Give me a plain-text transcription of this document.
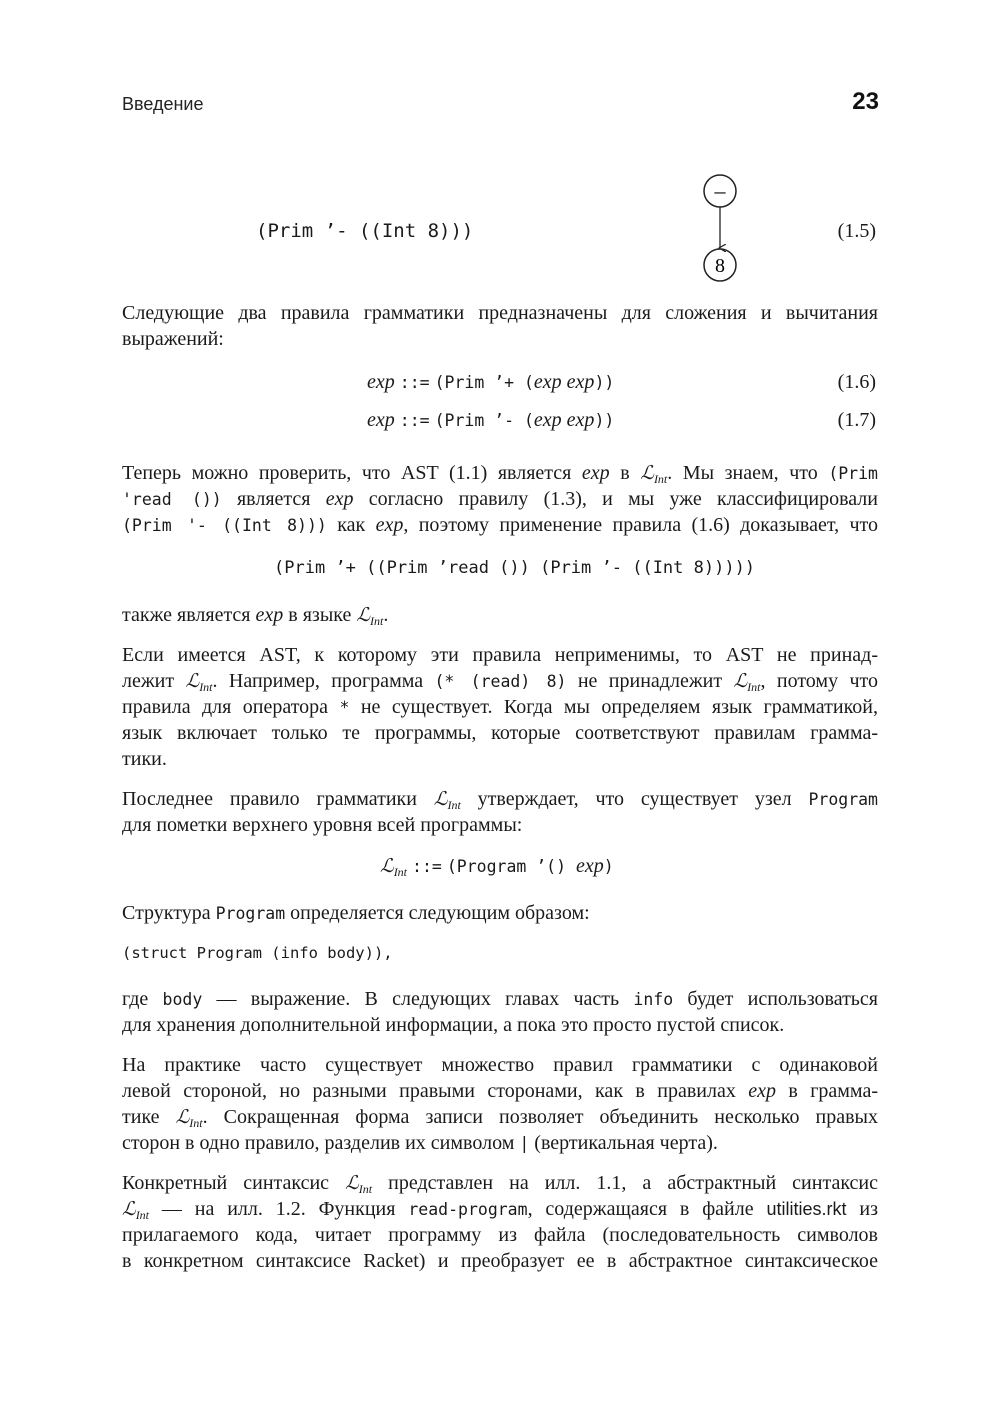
Введение	23
(Prim ’- ((Int 8)))
–
8
(1.5)
Следующие два правила грамматики предназначены для сложения и вычитания
выражений:
exp ::= (Prim ’+ (exp exp))	(1.6)
exp ::= (Prim ’- (exp exp))	(1.7)
Теперь можно проверить, что AST (1.1) является exp в ℒ$_{Int}$. Мы знаем, что (Prim
'read ()) является exp согласно правилу (1.3), и мы уже классифицировали
(Prim '- ((Int 8))) как exp, поэтому применение правила (1.6) доказывает, что
(Prim ’+ ((Prim ’read ()) (Prim ’- ((Int 8)))))
также является exp в языке ℒ$_{Int}$.
Если имеется AST, к которому эти правила неприменимы, то AST не принад-
лежит ℒ$_{Int}$. Например, программа (* (read) 8) не принадлежит ℒ$_{Int}$, потому что
правила для оператора * не существует. Когда мы определяем язык грамматикой,
язык включает только те программы, которые соответствуют правилам грамма-
тики.
Последнее правило грамматики ℒ$_{Int}$ утверждает, что существует узел Program
для пометки верхнего уровня всей программы:
ℒ$_{Int}$ ::= (Program ’() exp)
Структура Program определяется следующим образом:
(struct Program (info body)),
где body — выражение. В следующих главах часть info будет использоваться
для хранения дополнительной информации, а пока это просто пустой список.
На практике часто существует множество правил грамматики с одинаковой
левой стороной, но разными правыми сторонами, как в правилах exp в грамма-
тике ℒ$_{Int}$. Сокращенная форма записи позволяет объединить несколько правых
сторон в одно правило, разделив их символом | (вертикальная черта).
Конкретный синтаксис ℒ$_{Int}$ представлен на илл. 1.1, а абстрактный синтаксис
ℒ$_{Int}$ — на илл. 1.2. Функция read-program, содержащаяся в файле utilities.rkt из
прилагаемого кода, читает программу из файла (последовательность символов
в конкретном синтаксисе Racket) и преобразует ее в абстрактное синтаксическое
